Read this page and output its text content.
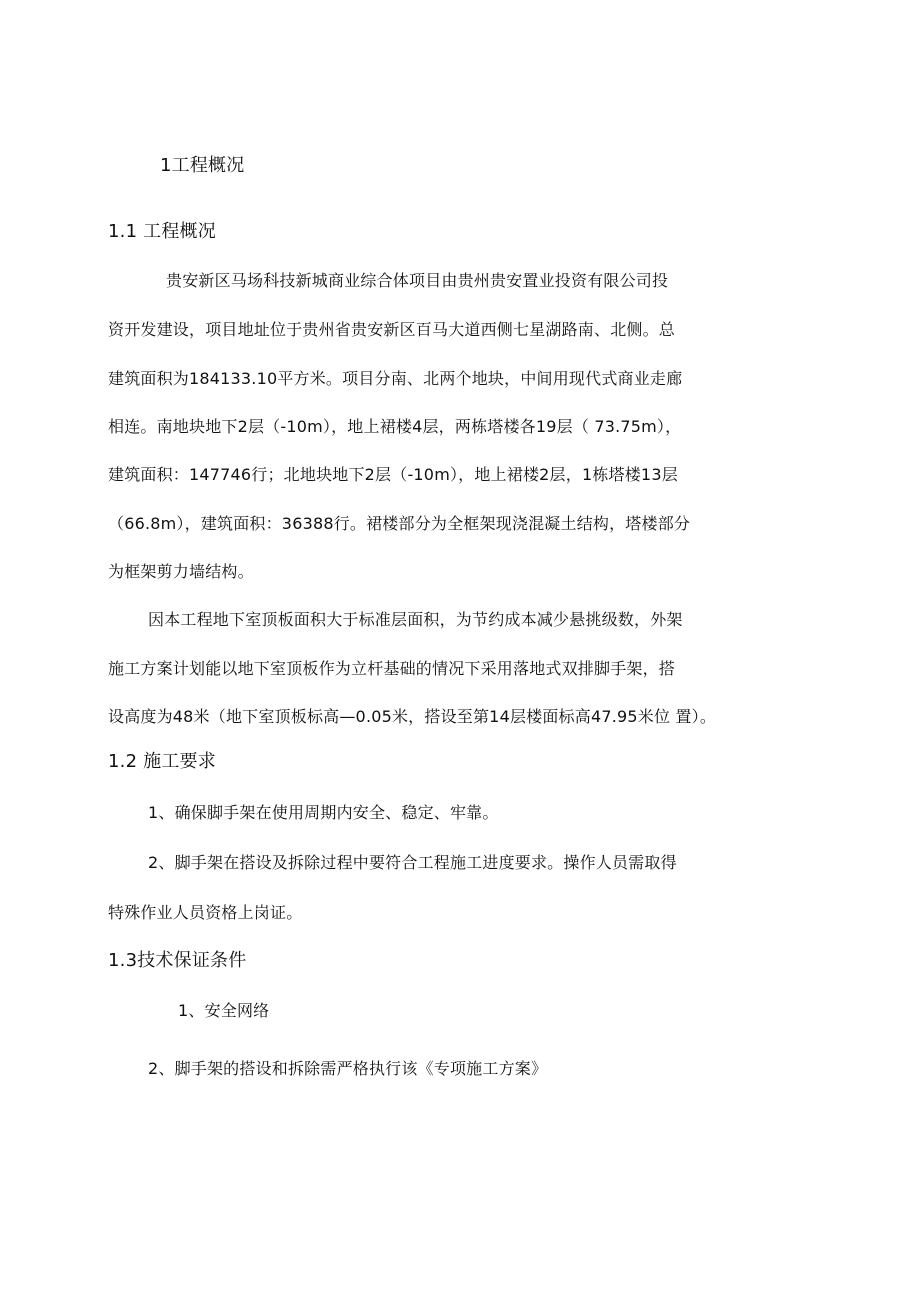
1工程概况
1.1 工程概况
贵安新区马场科技新城商业综合体项目由贵州贵安置业投资有限公司投
资开发建设，项目地址位于贵州省贵安新区百马大道西侧七星湖路南、北侧。总
建筑面积为184133.10平方米。项目分南、北两个地块，中间用现代式商业走廊
相连。南地块地下2层（-10m），地上裙楼4层，两栋塔楼各19层（ 73.75m），
建筑面积：147746行；北地块地下2层（-10m），地上裙楼2层，1栋塔楼13层
（66.8m），建筑面积：36388行。裙楼部分为全框架现浇混凝土结构，塔楼部分
为框架剪力墙结构。
因本工程地下室顶板面积大于标准层面积，为节约成本减少悬挑级数，外架
施工方案计划能以地下室顶板作为立杆基础的情况下采用落地式双排脚手架，搭
设高度为48米（地下室顶板标高—0.05米，搭设至第14层楼面标高47.95米位 置）。
1.2 施工要求
1、确保脚手架在使用周期内安全、稳定、牢靠。
2、脚手架在搭设及拆除过程中要符合工程施工进度要求。操作人员需取得
特殊作业人员资格上岗证。
1.3技术保证条件
1、安全网络
2、脚手架的搭设和拆除需严格执行该《专项施工方案》
